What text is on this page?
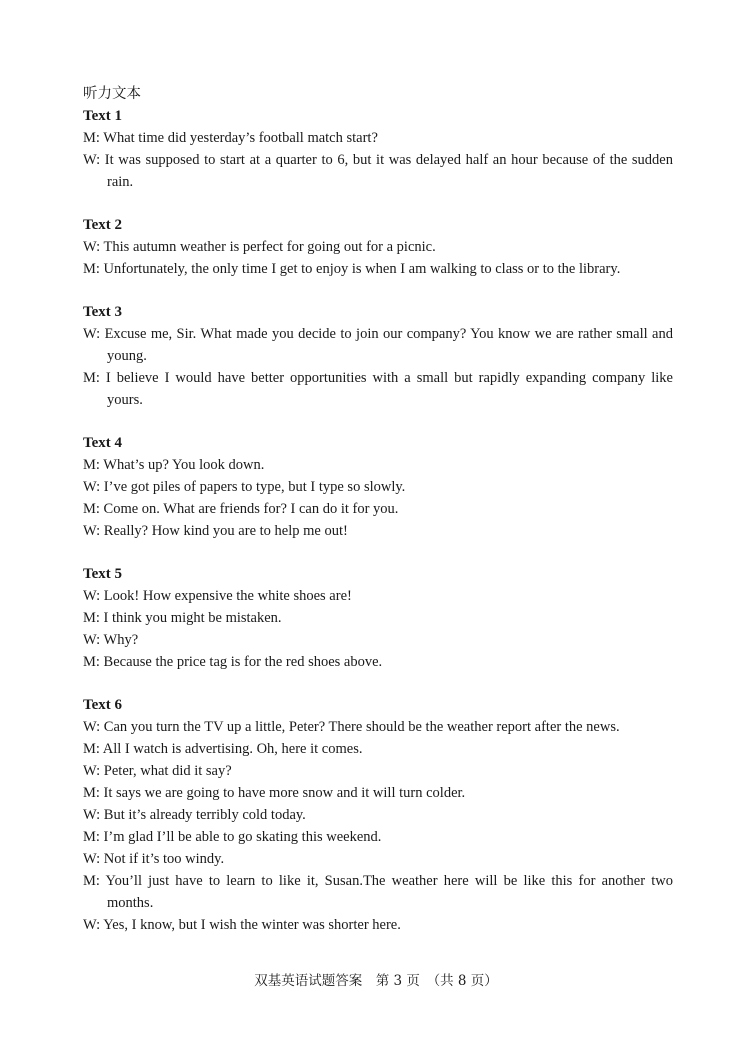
听力文本
Text 1

M: What time did yesterday’s football match start?

W: It was supposed to start at a quarter to 6, but it was delayed half an hour because of the sudden rain.

Text 2

W: This autumn weather is perfect for going out for a picnic.

M: Unfortunately, the only time I get to enjoy is when I am walking to class or to the library.

Text 3

W: Excuse me, Sir. What made you decide to join our company? You know we are rather small and young.

M: I believe I would have better opportunities with a small but rapidly expanding company like yours.

Text 4

M: What’s up? You look down.

W: I’ve got piles of papers to type, but I type so slowly.

M: Come on. What are friends for? I can do it for you.

W: Really? How kind you are to help me out!

Text 5

W: Look! How expensive the white shoes are!

M: I think you might be mistaken.

W: Why?

M: Because the price tag is for the red shoes above.

Text 6

W: Can you turn the TV up a little, Peter? There should be the weather report after the news.

M: All I watch is advertising. Oh, here it comes.

W: Peter, what did it say?

M: It says we are going to have more snow and it will turn colder.

W: But it’s already terribly cold today.

M: I’m glad I’ll be able to go skating this weekend.

W: Not if it’s too windy.

M: You’ll just have to learn to like it, Susan.The weather here will be like this for another two months.

W: Yes, I know, but I wish the winter was shorter here.

双基英语试题答案　第 3 页　（共 8 页）
